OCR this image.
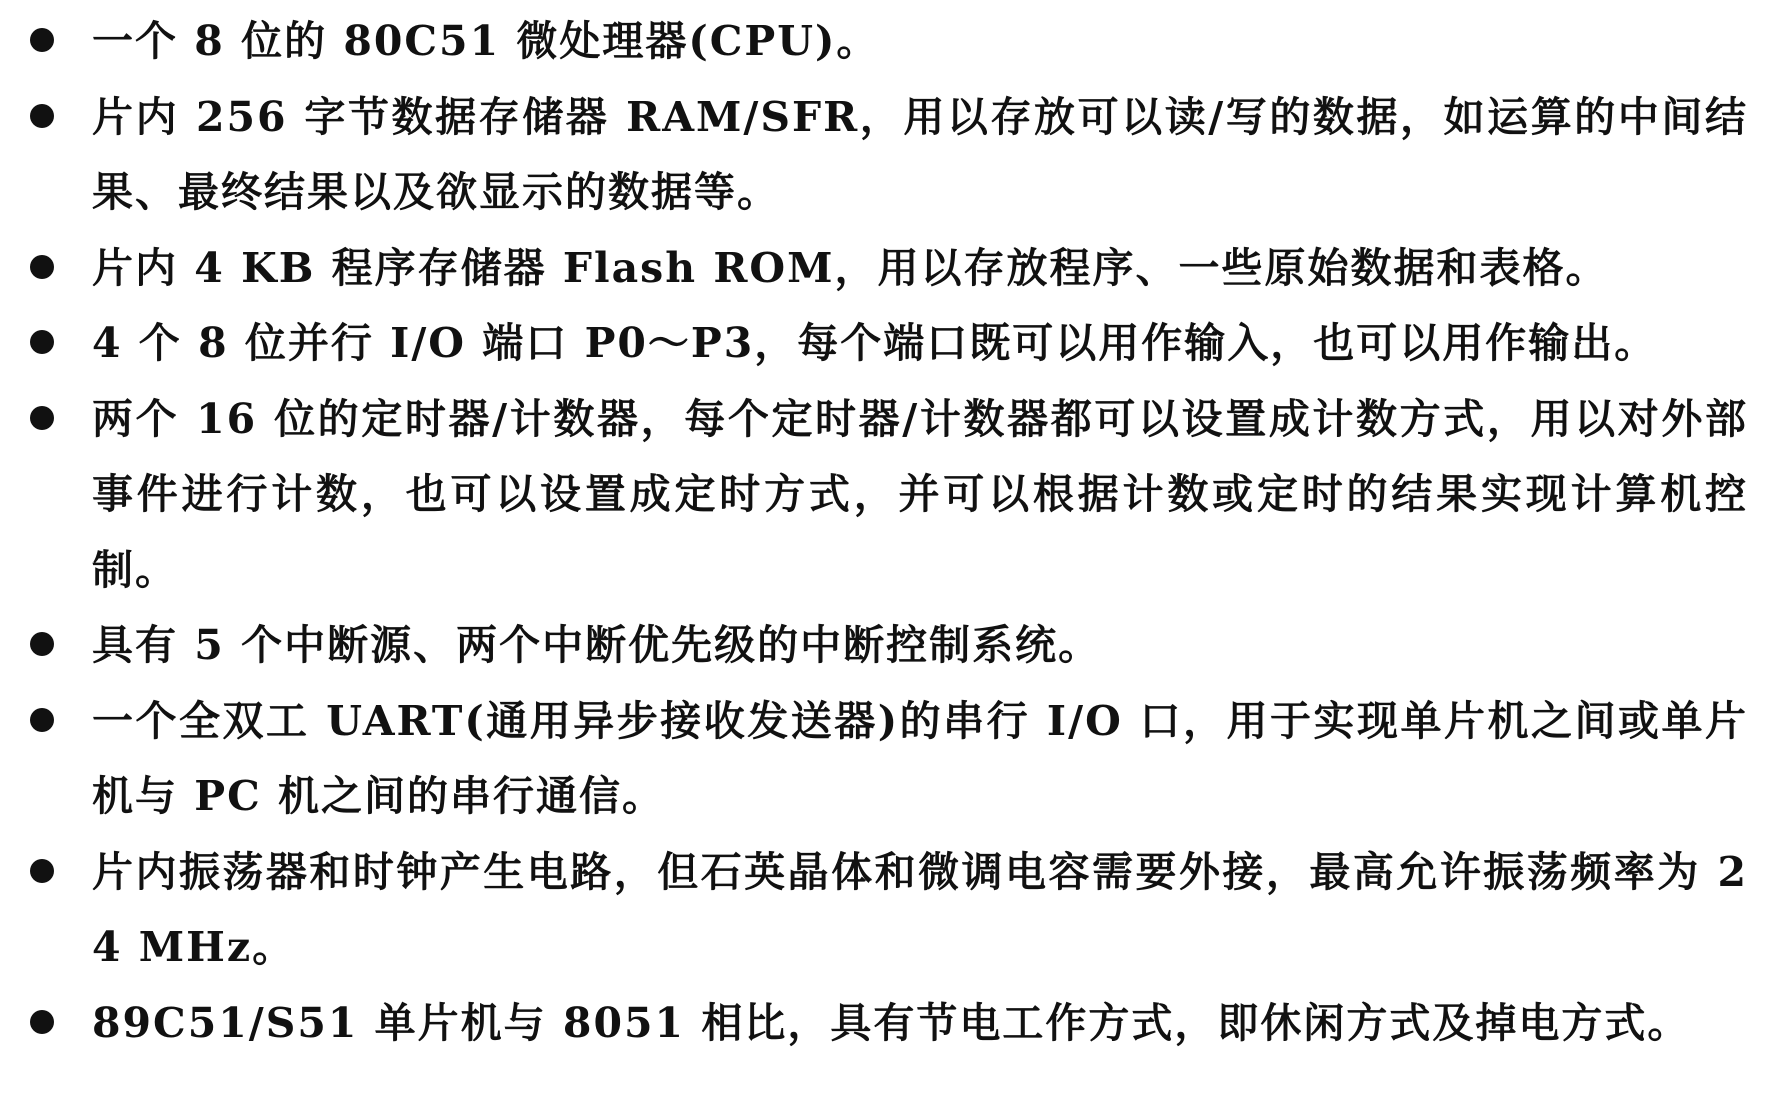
一个 8 位的 80C51 微处理器(CPU)。
片内 256 字节数据存储器 RAM/SFR，用以存放可以读/写的数据，如运算的中间结果、最终结果以及欲显示的数据等。
片内 4 KB 程序存储器 Flash ROM，用以存放程序、一些原始数据和表格。
4 个 8 位并行 I/O 端口 P0～P3，每个端口既可以用作输入，也可以用作输出。
两个 16 位的定时器/计数器，每个定时器/计数器都可以设置成计数方式，用以对外部事件进行计数，也可以设置成定时方式，并可以根据计数或定时的结果实现计算机控制。
具有 5 个中断源、两个中断优先级的中断控制系统。
一个全双工 UART(通用异步接收发送器)的串行 I/O 口，用于实现单片机之间或单片机与 PC 机之间的串行通信。
片内振荡器和时钟产生电路，但石英晶体和微调电容需要外接，最高允许振荡频率为 24 MHz。
89C51/S51 单片机与 8051 相比，具有节电工作方式，即休闲方式及掉电方式。
